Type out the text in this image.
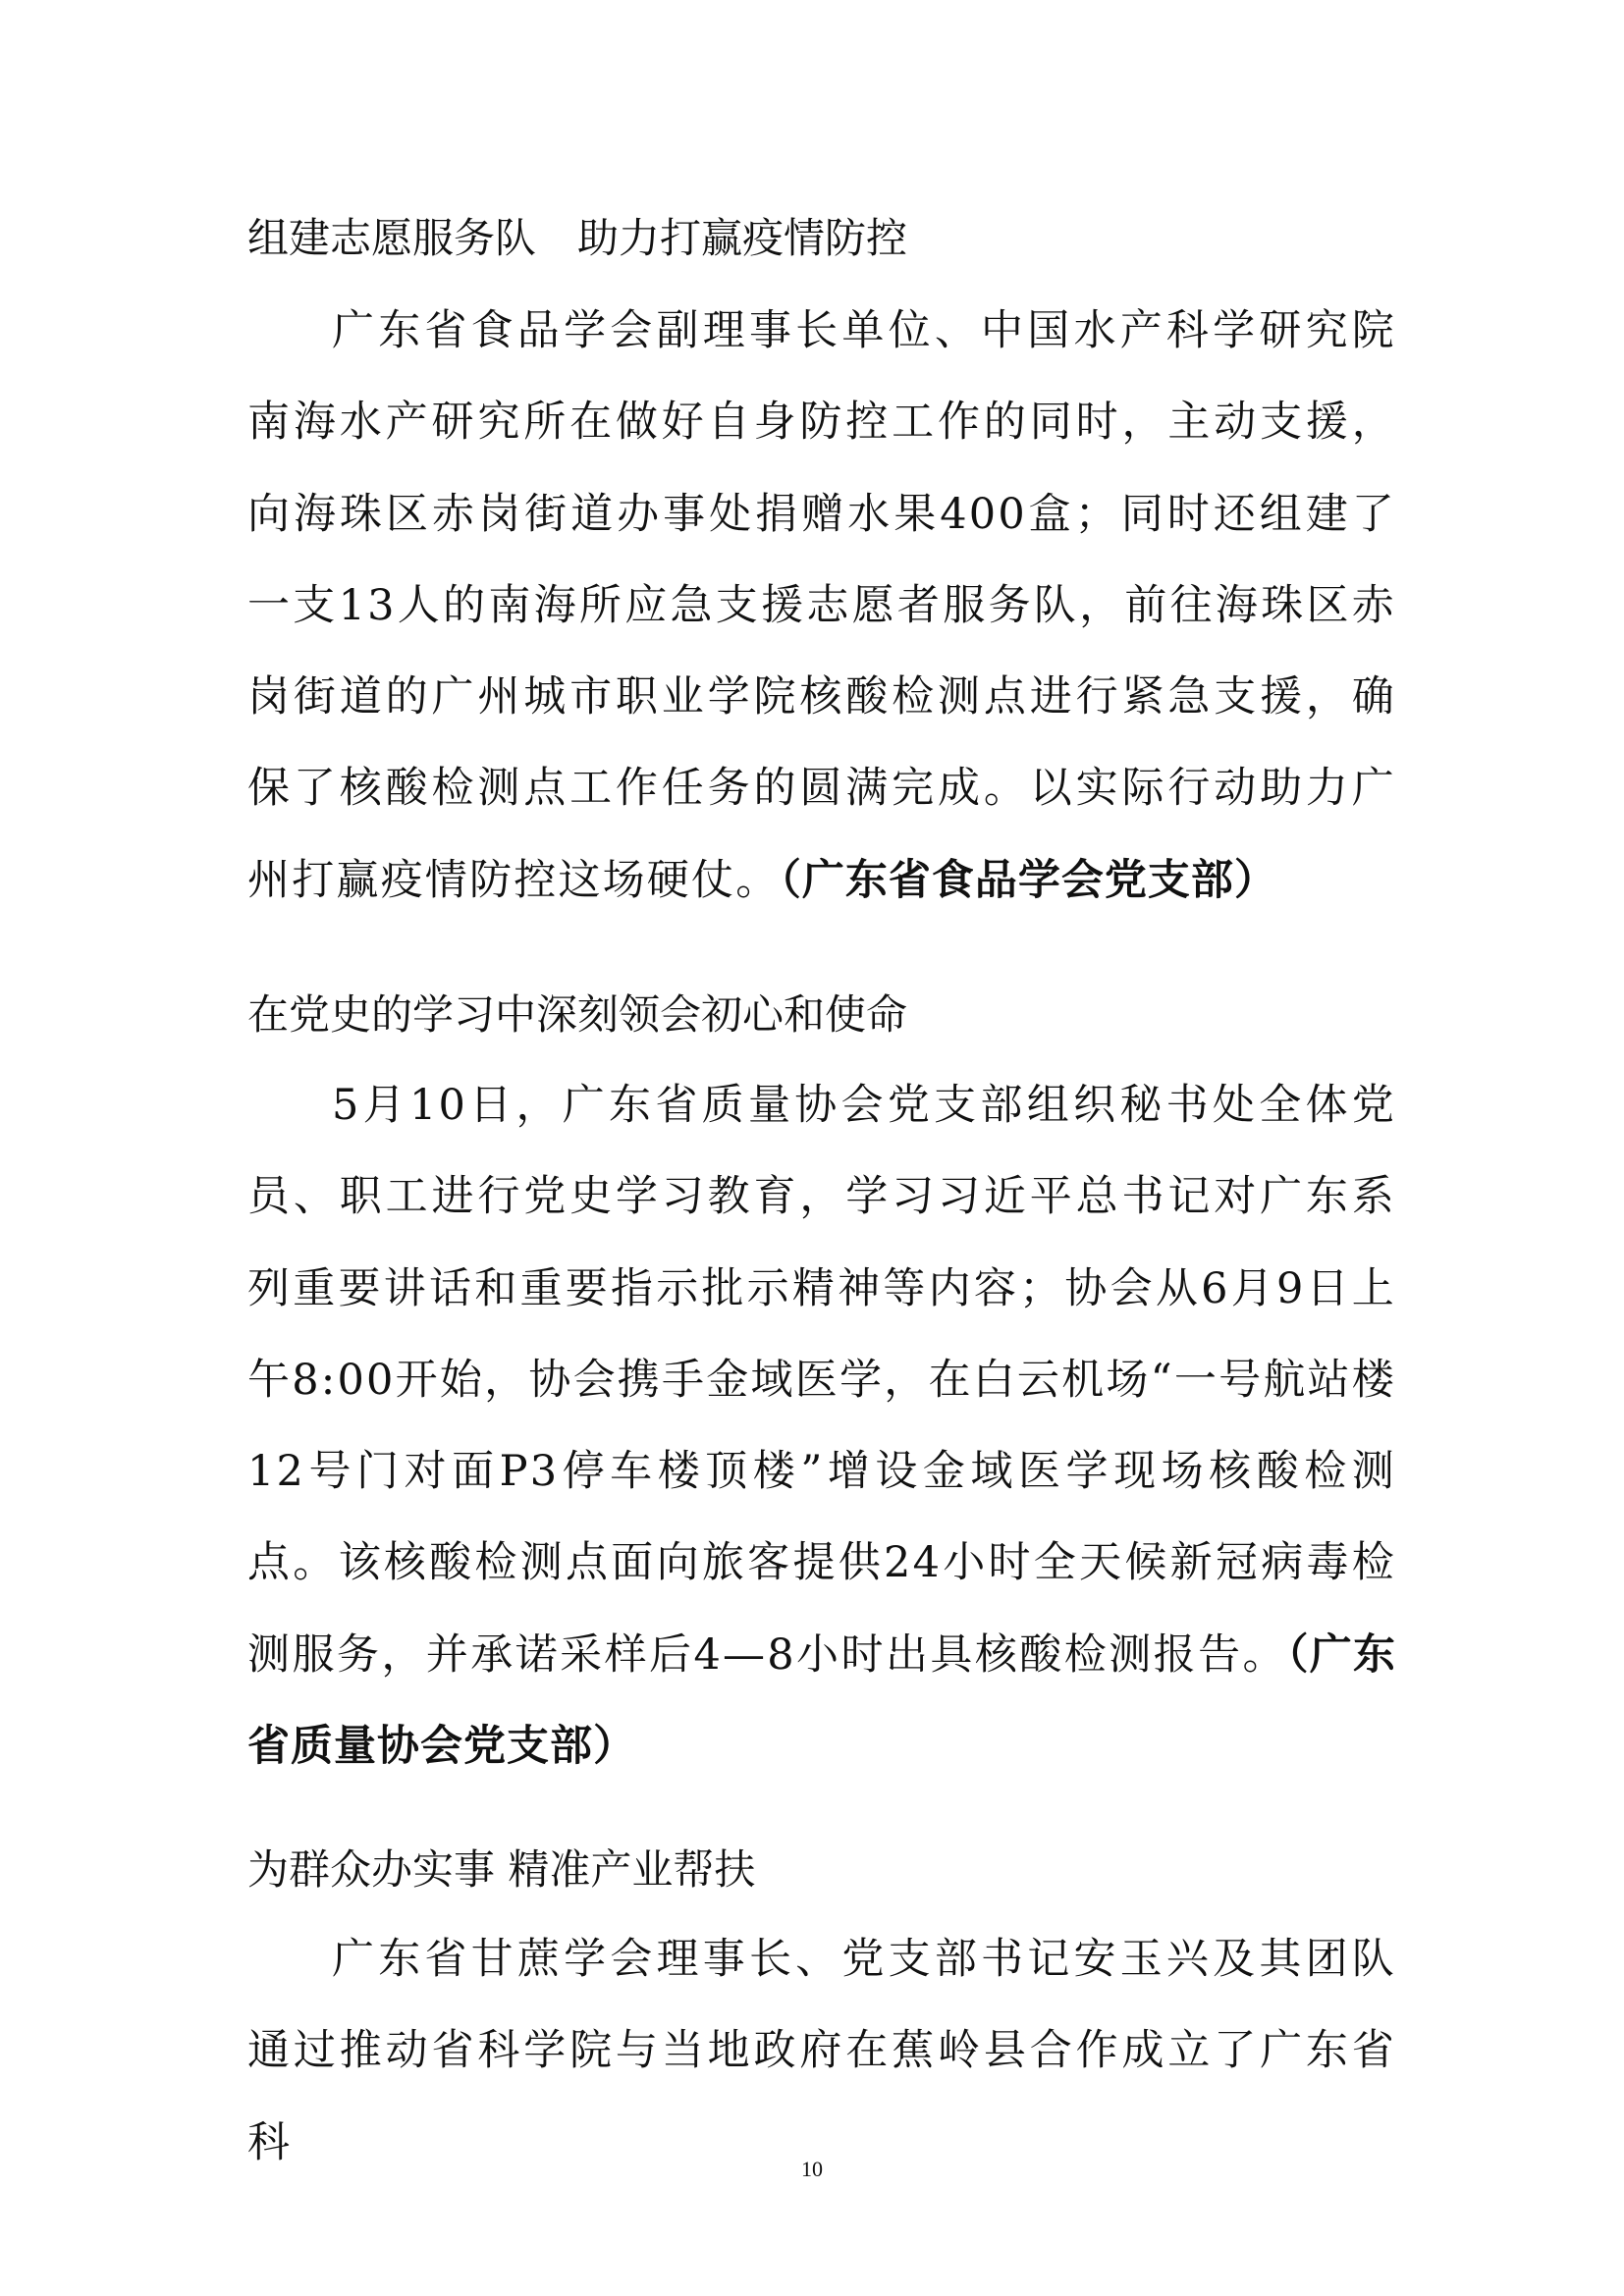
组建志愿服务队　助力打赢疫情防控

广东省食品学会副理事长单位、中国水产科学研究院南海水产研究所在做好自身防控工作的同时，主动支援，向海珠区赤岗街道办事处捐赠水果400盒；同时还组建了一支13人的南海所应急支援志愿者服务队，前往海珠区赤岗街道的广州城市职业学院核酸检测点进行紧急支援，确保了核酸检测点工作任务的圆满完成。以实际行动助力广州打赢疫情防控这场硬仗。（广东省食品学会党支部）

在党史的学习中深刻领会初心和使命

5月10日，广东省质量协会党支部组织秘书处全体党员、职工进行党史学习教育，学习习近平总书记对广东系列重要讲话和重要指示批示精神等内容；协会从6月9日上午8:00开始，协会携手金域医学，在白云机场“一号航站楼12号门对面P3停车楼顶楼”增设金域医学现场核酸检测点。该核酸检测点面向旅客提供24小时全天候新冠病毒检测服务，并承诺采样后4—8小时出具核酸检测报告。（广东省质量协会党支部）

为群众办实事 精准产业帮扶

广东省甘蔗学会理事长、党支部书记安玉兴及其团队通过推动省科学院与当地政府在蕉岭县合作成立了广东省科

10
